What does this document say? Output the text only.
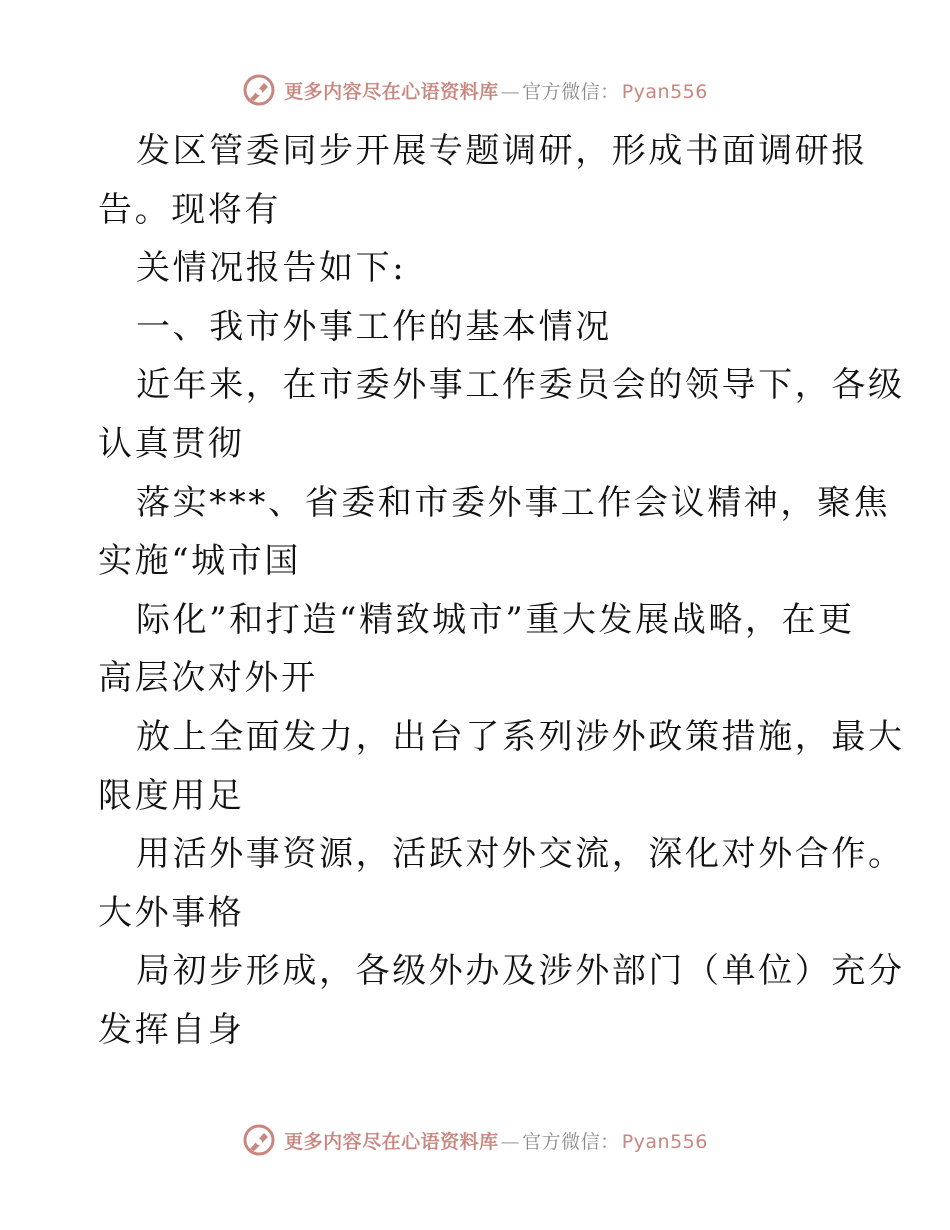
更多内容尽在心语资料库 — 官方微信： Pyan556
发区管委同步开展专题调研，形成书面调研报
告。现将有
关情况报告如下:
一、我市外事工作的基本情况
近年来，在市委外事工作委员会的领导下，各级
认真贯彻
落实***、省委和市委外事工作会议精神，聚焦
实施“城市国
际化”和打造“精致城市”重大发展战略，在更
高层次对外开
放上全面发力，出台了系列涉外政策措施，最大
限度用足
用活外事资源，活跃对外交流，深化对外合作。
大外事格
局初步形成，各级外办及涉外部门（单位）充分
发挥自身
更多内容尽在心语资料库 — 官方微信： Pyan556
